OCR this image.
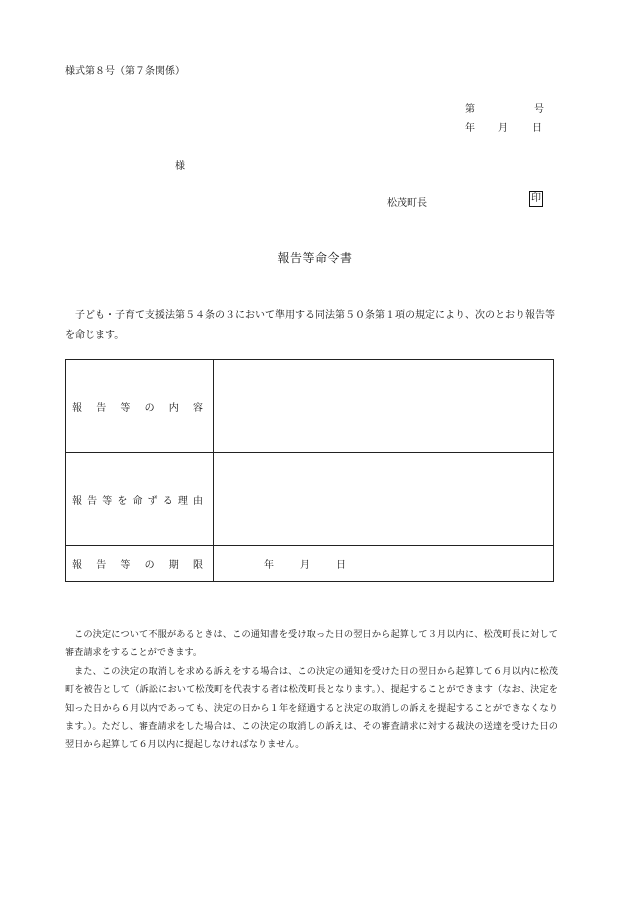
様式第８号（第７条関係）
第	号
年 月 日
様
松茂町長	印
報告等命令書
子ども・子育て支援法第５４条の３において準用する同法第５０条第１項の規定により、次のとおり報告等を命じます。
報告等の内容	
報告等を命ずる理由	
報告等の期限	年 月 日

この決定について不服があるときは、この通知書を受け取った日の翌日から起算して３月以内に、松茂町長に対して審査請求をすることができます。

また、この決定の取消しを求める訴えをする場合は、この決定の通知を受けた日の翌日から起算して６月以内に松茂町を被告として（訴訟において松茂町を代表する者は松茂町長となります。）、提起することができます（なお、決定を知った日から６月以内であっても、決定の日から１年を経過すると決定の取消しの訴えを提起することができなくなります。）。ただし、審査請求をした場合は、この決定の取消しの訴えは、その審査請求に対する裁決の送達を受けた日の翌日から起算して６月以内に提起しなければなりません。
